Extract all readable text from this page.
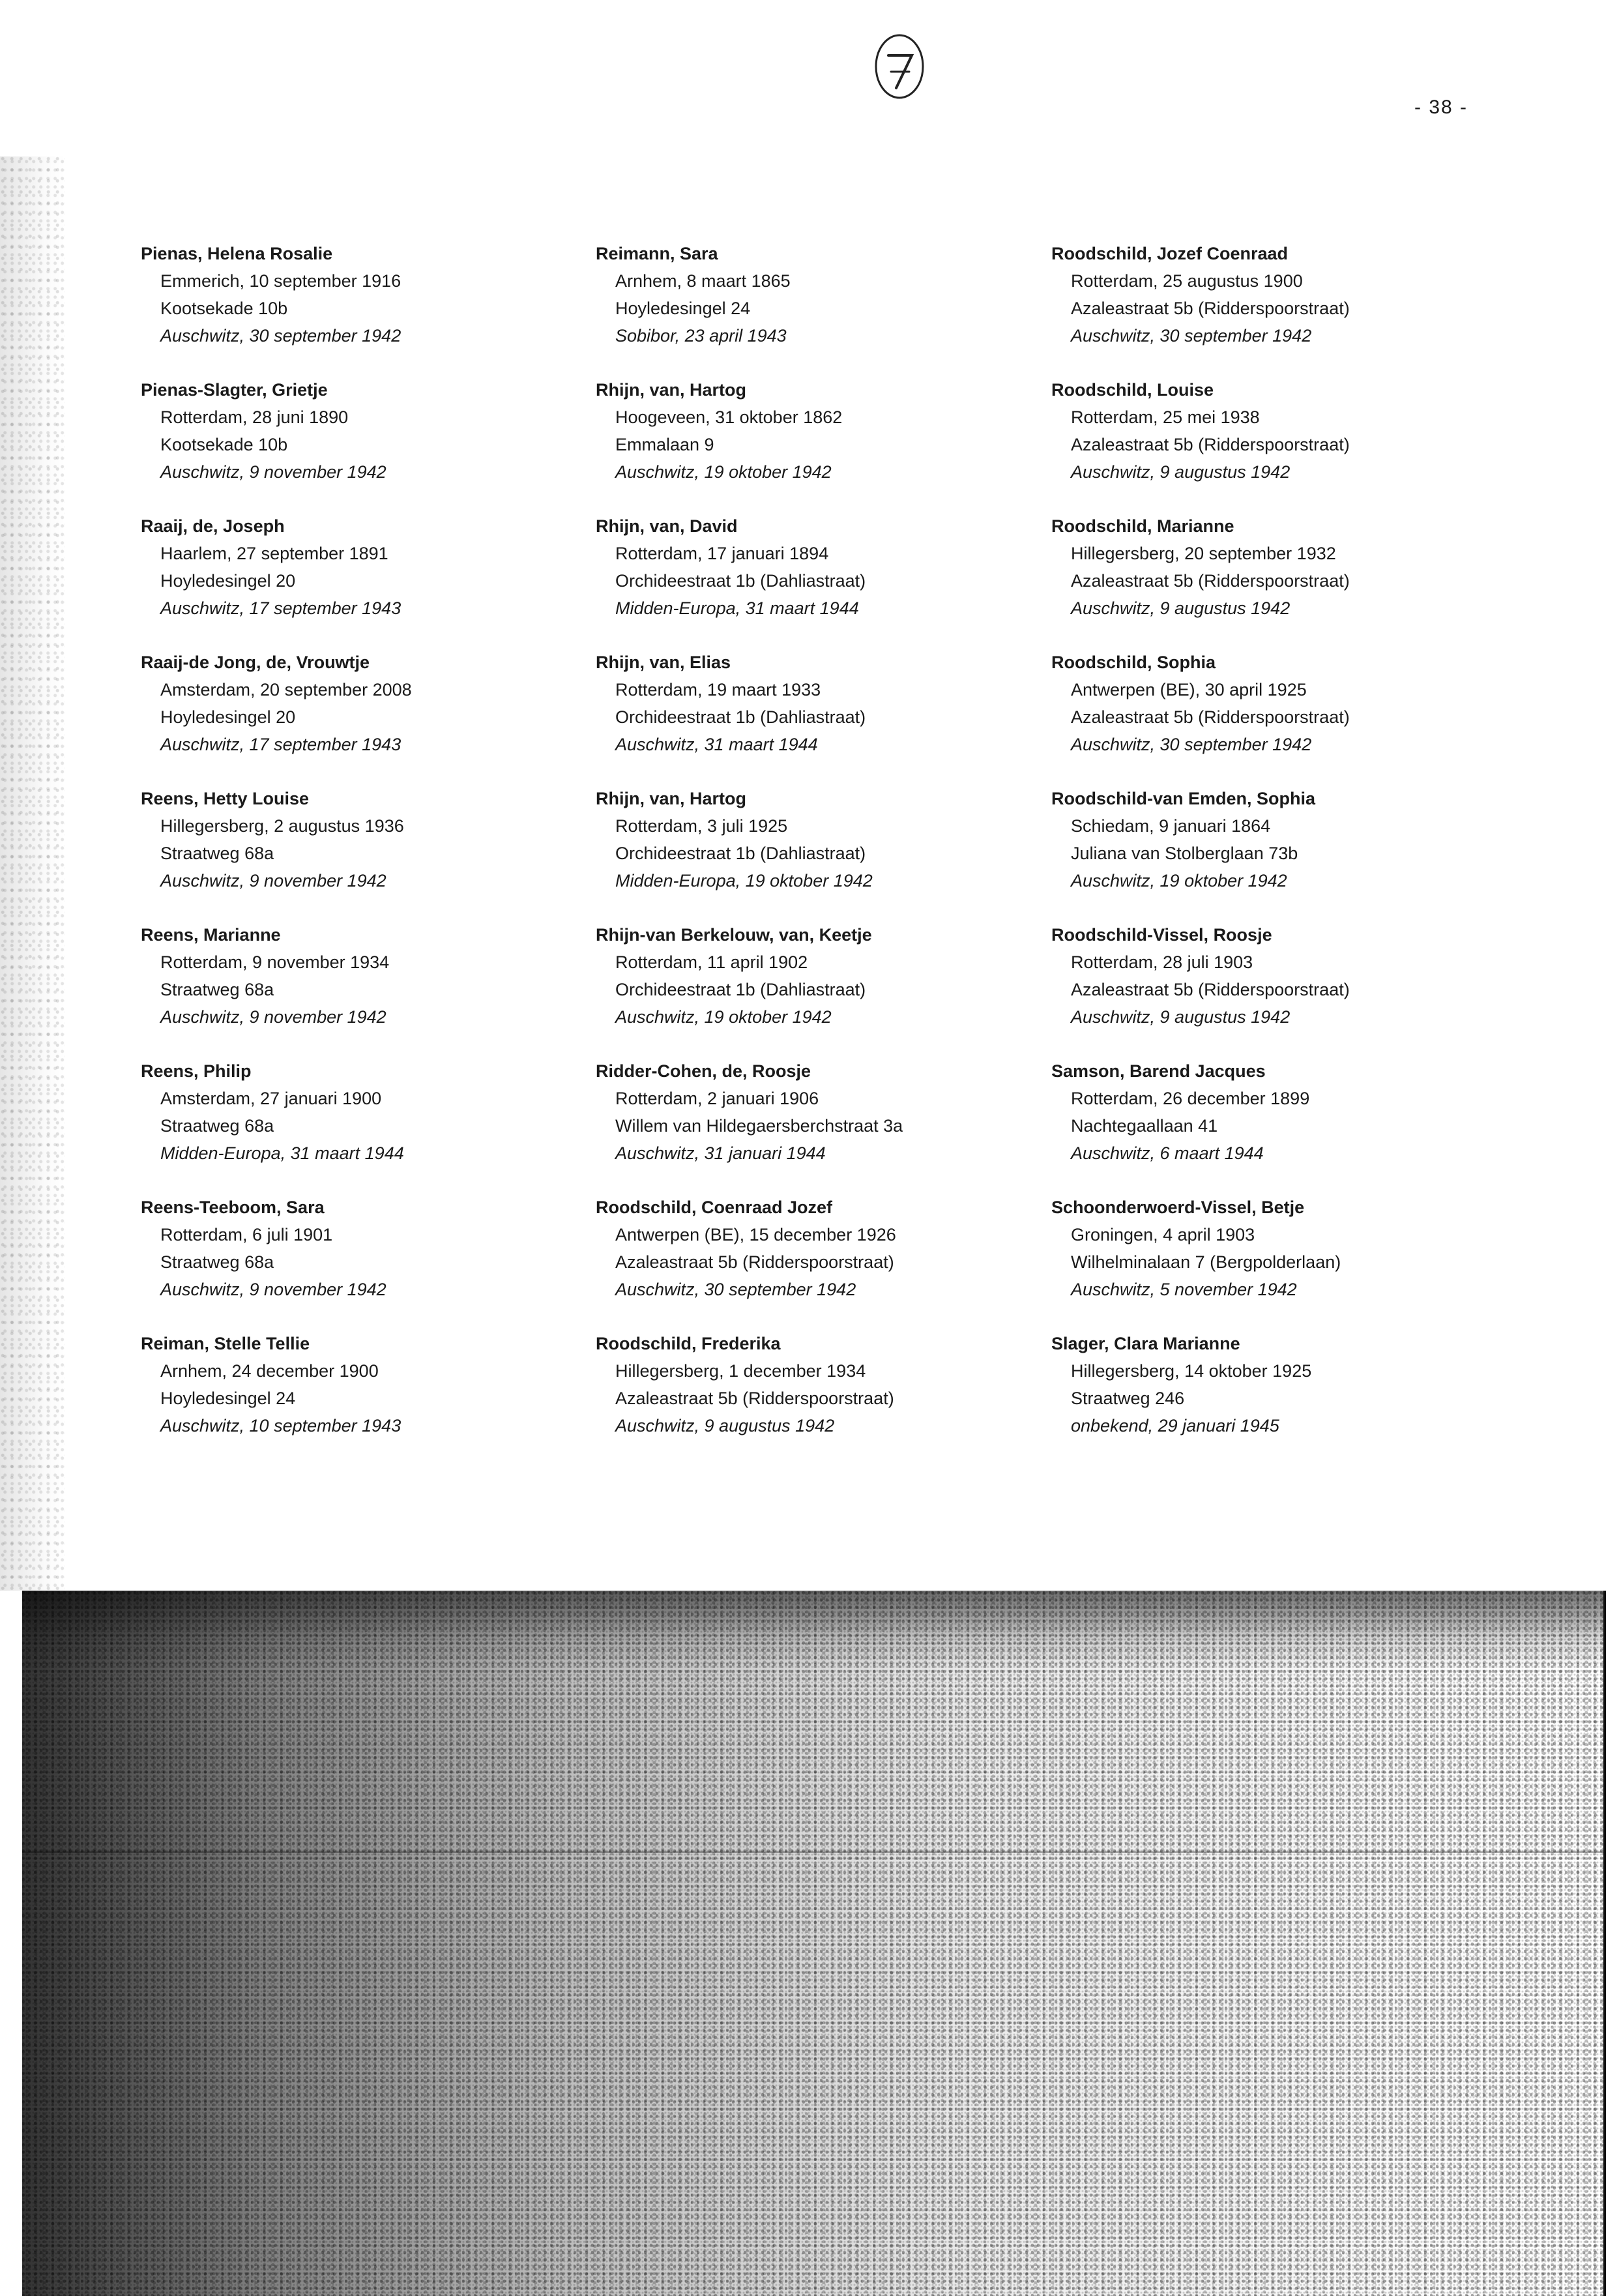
- 38 -
Pienas, Helena Rosalie
Emmerich, 10 september 1916
Kootsekade 10b
Auschwitz, 30 september 1942
Pienas-Slagter, Grietje
Rotterdam, 28 juni 1890
Kootsekade 10b
Auschwitz, 9 november 1942
Raaij, de, Joseph
Haarlem, 27 september 1891
Hoyledesingel 20
Auschwitz, 17 september 1943
Raaij-de Jong, de, Vrouwtje
Amsterdam, 20 september 2008
Hoyledesingel 20
Auschwitz, 17 september 1943
Reens, Hetty Louise
Hillegersberg, 2 augustus 1936
Straatweg 68a
Auschwitz, 9 november 1942
Reens, Marianne
Rotterdam, 9 november 1934
Straatweg 68a
Auschwitz, 9 november 1942
Reens, Philip
Amsterdam, 27 januari 1900
Straatweg 68a
Midden-Europa, 31 maart 1944
Reens-Teeboom, Sara
Rotterdam, 6 juli 1901
Straatweg 68a
Auschwitz, 9 november 1942
Reiman, Stelle Tellie
Arnhem, 24 december 1900
Hoyledesingel 24
Auschwitz, 10 september 1943
Reimann, Sara
Arnhem, 8 maart 1865
Hoyledesingel 24
Sobibor, 23 april 1943
Rhijn, van, Hartog
Hoogeveen, 31 oktober 1862
Emmalaan 9
Auschwitz, 19 oktober 1942
Rhijn, van, David
Rotterdam, 17 januari 1894
Orchideestraat 1b (Dahliastraat)
Midden-Europa, 31 maart 1944
Rhijn, van, Elias
Rotterdam, 19 maart 1933
Orchideestraat 1b (Dahliastraat)
Auschwitz, 31 maart 1944
Rhijn, van, Hartog
Rotterdam, 3 juli 1925
Orchideestraat 1b (Dahliastraat)
Midden-Europa, 19 oktober 1942
Rhijn-van Berkelouw, van, Keetje
Rotterdam, 11 april 1902
Orchideestraat 1b (Dahliastraat)
Auschwitz, 19 oktober 1942
Ridder-Cohen, de, Roosje
Rotterdam, 2 januari 1906
Willem van Hildegaersberchstraat 3a
Auschwitz, 31 januari 1944
Roodschild, Coenraad Jozef
Antwerpen (BE), 15 december 1926
Azaleastraat 5b (Ridderspoorstraat)
Auschwitz, 30 september 1942
Roodschild, Frederika
Hillegersberg, 1 december 1934
Azaleastraat 5b (Ridderspoorstraat)
Auschwitz, 9 augustus 1942
Roodschild, Jozef Coenraad
Rotterdam, 25 augustus 1900
Azaleastraat 5b (Ridderspoorstraat)
Auschwitz, 30 september 1942
Roodschild, Louise
Rotterdam, 25 mei 1938
Azaleastraat 5b (Ridderspoorstraat)
Auschwitz, 9 augustus 1942
Roodschild, Marianne
Hillegersberg, 20 september 1932
Azaleastraat 5b (Ridderspoorstraat)
Auschwitz, 9 augustus 1942
Roodschild, Sophia
Antwerpen (BE), 30 april 1925
Azaleastraat 5b (Ridderspoorstraat)
Auschwitz, 30 september 1942
Roodschild-van Emden, Sophia
Schiedam, 9 januari 1864
Juliana van Stolberglaan 73b
Auschwitz, 19 oktober 1942
Roodschild-Vissel, Roosje
Rotterdam, 28 juli 1903
Azaleastraat 5b (Ridderspoorstraat)
Auschwitz, 9 augustus 1942
Samson, Barend Jacques
Rotterdam, 26 december 1899
Nachtegaallaan 41
Auschwitz, 6 maart 1944
Schoonderwoerd-Vissel, Betje
Groningen, 4 april 1903
Wilhelminalaan 7 (Bergpolderlaan)
Auschwitz, 5 november 1942
Slager, Clara Marianne
Hillegersberg, 14 oktober 1925
Straatweg 246
onbekend, 29 januari 1945
